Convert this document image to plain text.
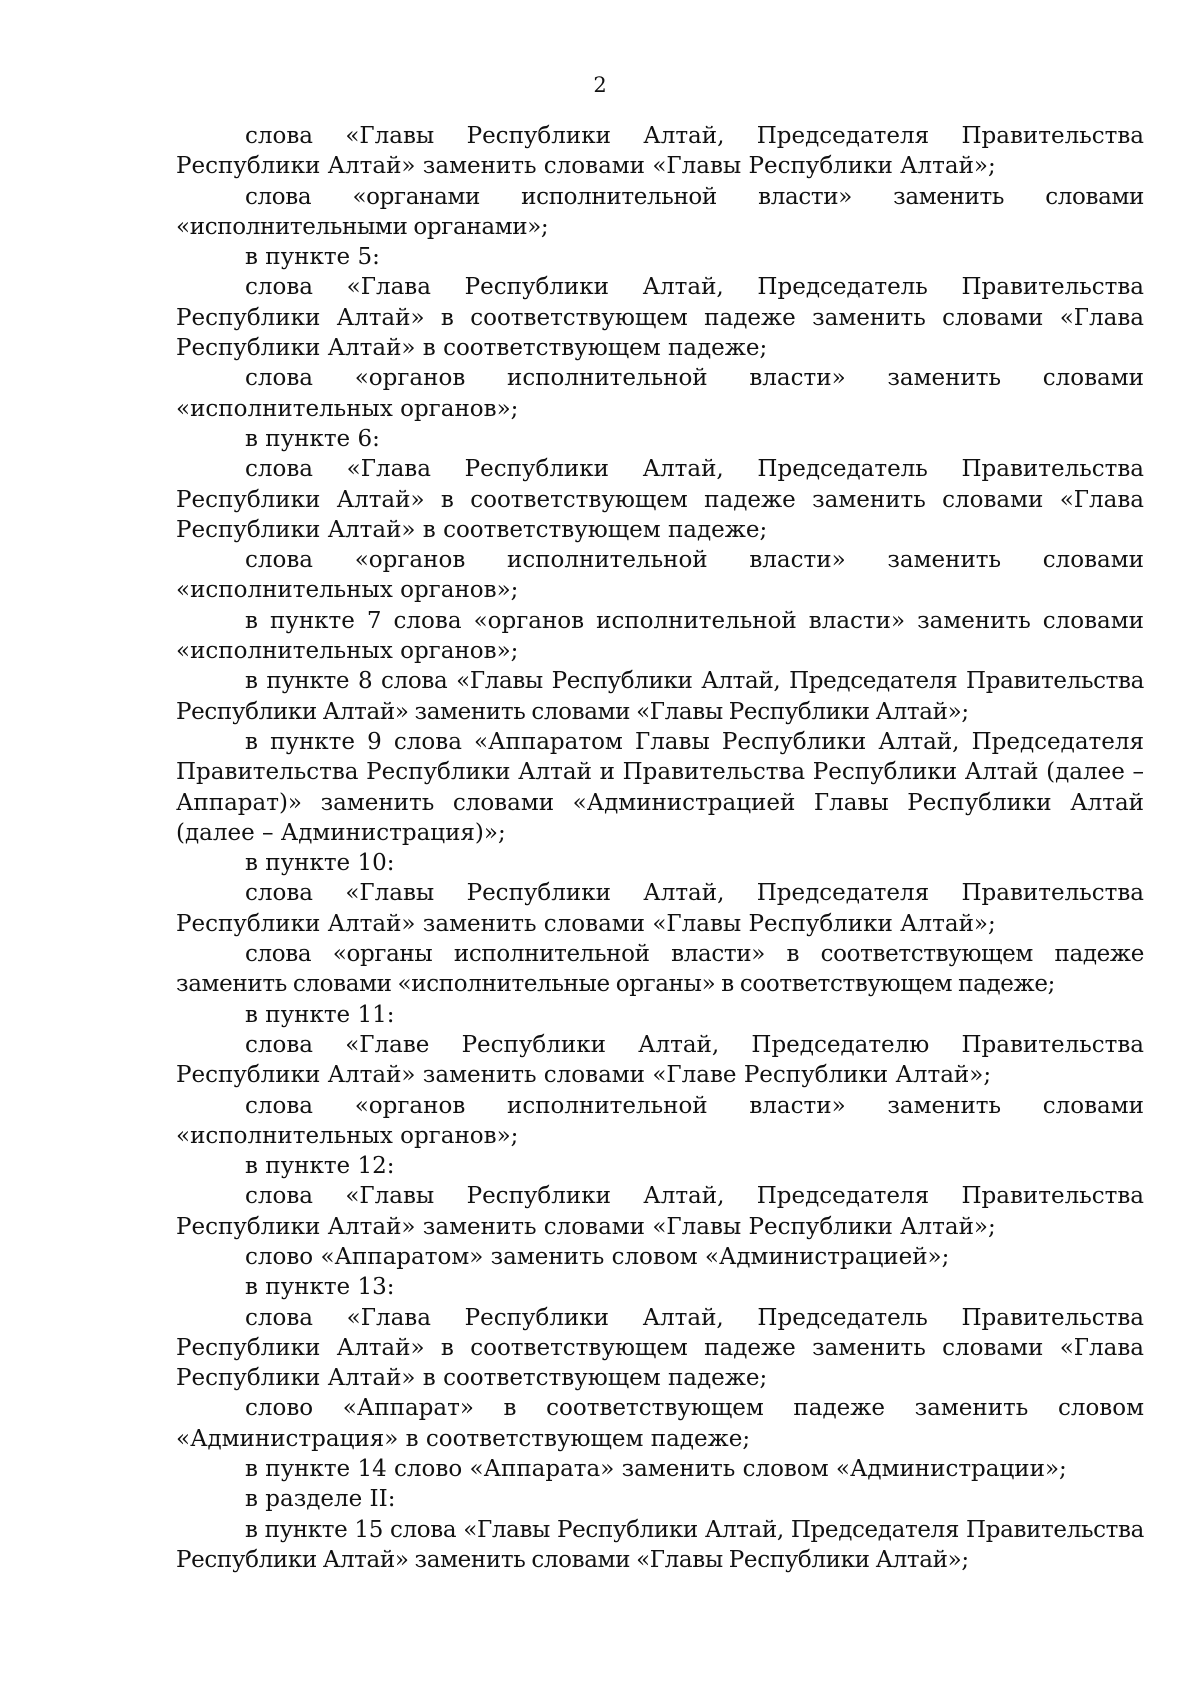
2

слова «Главы Республики Алтай, Председателя Правительства Республики Алтай» заменить словами «Главы Республики Алтай»;

слова «органами исполнительной власти» заменить словами «исполнительными органами»;

в пункте 5:

слова «Глава Республики Алтай, Председатель Правительства Республики Алтай» в соответствующем падеже заменить словами «Глава Республики Алтай» в соответствующем падеже;

слова «органов исполнительной власти» заменить словами «исполнительных органов»;

в пункте 6:

слова «Глава Республики Алтай, Председатель Правительства Республики Алтай» в соответствующем падеже заменить словами «Глава Республики Алтай» в соответствующем падеже;

слова «органов исполнительной власти» заменить словами «исполнительных органов»;

в пункте 7 слова «органов исполнительной власти» заменить словами «исполнительных органов»;

в пункте 8 слова «Главы Республики Алтай, Председателя Правительства Республики Алтай» заменить словами «Главы Республики Алтай»;

в пункте 9 слова «Аппаратом Главы Республики Алтай, Председателя Правительства Республики Алтай и Правительства Республики Алтай (далее – Аппарат)» заменить словами «Администрацией Главы Республики Алтай (далее – Администрация)»;

в пункте 10:

слова «Главы Республики Алтай, Председателя Правительства Республики Алтай» заменить словами «Главы Республики Алтай»;

слова «органы исполнительной власти» в соответствующем падеже заменить словами «исполнительные органы» в соответствующем падеже;

в пункте 11:

слова «Главе Республики Алтай, Председателю Правительства Республики Алтай» заменить словами «Главе Республики Алтай»;

слова «органов исполнительной власти» заменить словами «исполнительных органов»;

в пункте 12:

слова «Главы Республики Алтай, Председателя Правительства Республики Алтай» заменить словами «Главы Республики Алтай»;

слово «Аппаратом» заменить словом «Администрацией»;

в пункте 13:

слова «Глава Республики Алтай, Председатель Правительства Республики Алтай» в соответствующем падеже заменить словами «Глава Республики Алтай» в соответствующем падеже;

слово «Аппарат» в соответствующем падеже заменить словом «Администрация» в соответствующем падеже;

в пункте 14 слово «Аппарата» заменить словом «Администрации»;

в разделе II:

в пункте 15 слова «Главы Республики Алтай, Председателя Правительства Республики Алтай» заменить словами «Главы Республики Алтай»;
